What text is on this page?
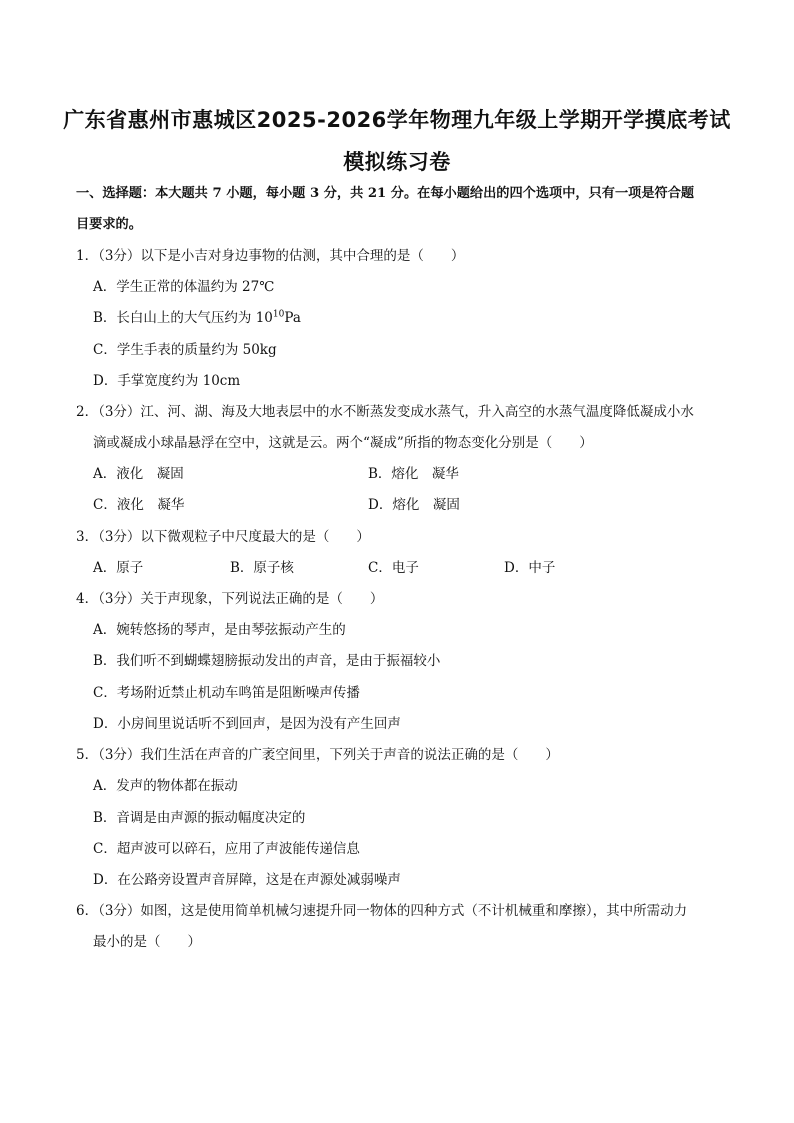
广东省惠州市惠城区2025-2026学年物理九年级上学期开学摸底考试
模拟练习卷
一、选择题：本大题共 7 小题，每小题 3 分，共 21 分。在每小题给出的四个选项中，只有一项是符合题
目要求的。
1．（3分）以下是小吉对身边事物的估测，其中合理的是（　　）
A．学生正常的体温约为 27℃
B．长白山上的大气压约为 $10^{10}Pa$
C．学生手表的质量约为 50kg
D．手掌宽度约为 10cm
2．（3分）江、河、湖、海及大地表层中的水不断蒸发变成水蒸气，升入高空的水蒸气温度降低凝成小水
滴或凝成小球晶悬浮在空中，这就是云。两个“凝成”所指的物态变化分别是（　　）
A．液化　凝固	B．熔化　凝华
C．液化　凝华	D．熔化　凝固
3．（3分）以下微观粒子中尺度最大的是（　　）
A．原子	B．原子核	C．电子	D．中子
4．（3分）关于声现象，下列说法正确的是（　　）
A．婉转悠扬的琴声，是由琴弦振动产生的
B．我们听不到蝴蝶翅膀振动发出的声音，是由于振福较小
C．考场附近禁止机动车鸣笛是阻断噪声传播
D．小房间里说话听不到回声，是因为没有产生回声
5．（3分）我们生活在声音的广袤空间里，下列关于声音的说法正确的是（　　）
A．发声的物体都在振动
B．音调是由声源的振动幅度决定的
C．超声波可以碎石，应用了声波能传递信息
D．在公路旁设置声音屏障，这是在声源处减弱噪声
6．（3分）如图，这是使用简单机械匀速提升同一物体的四种方式（不计机械重和摩擦），其中所需动力
最小的是（　　）
